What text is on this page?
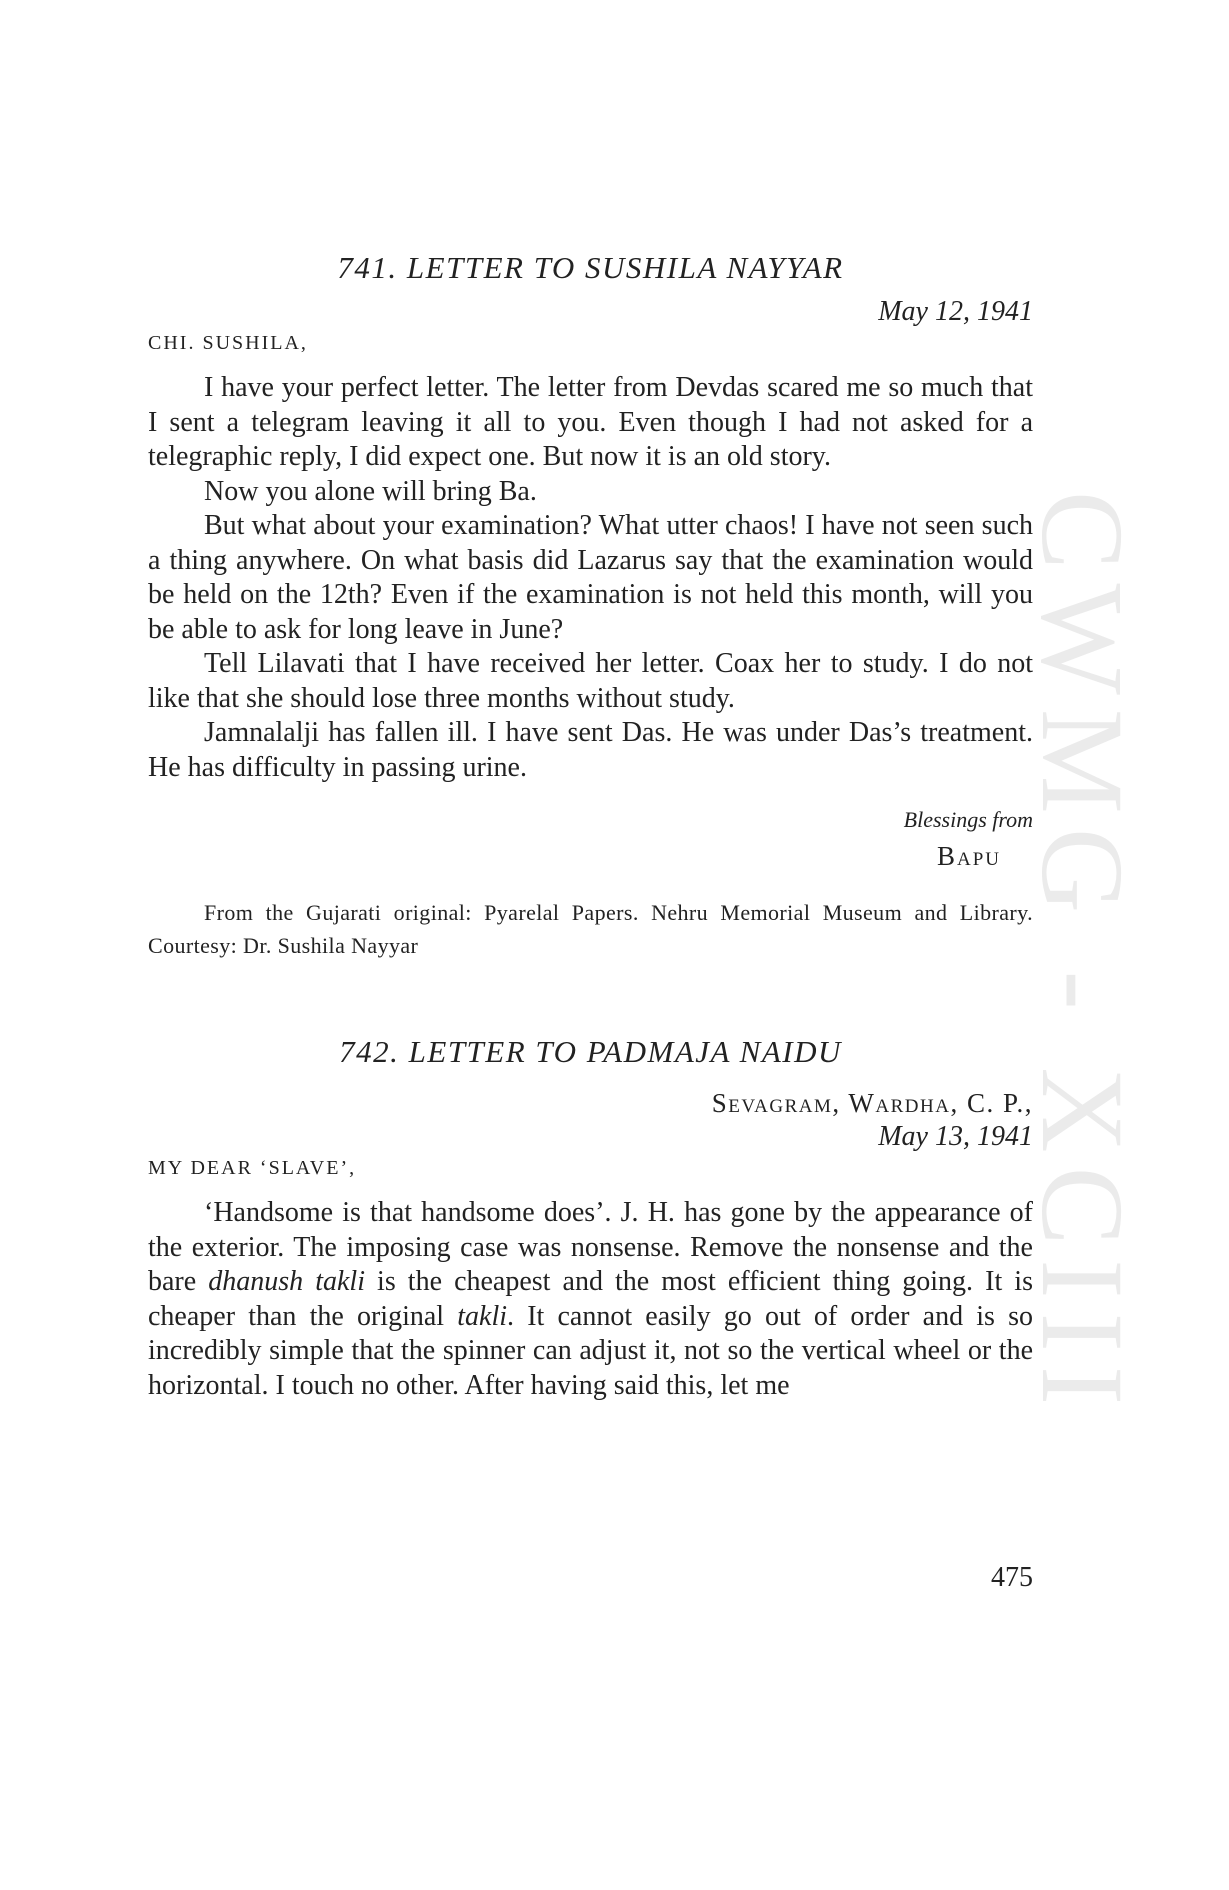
CWMG - XCIII
741. LETTER TO SUSHILA NAYYAR
May 12, 1941
CHI. SUSHILA,

I have your perfect letter. The letter from Devdas scared me so much that I sent a telegram leaving it all to you. Even though I had not asked for a telegraphic reply, I did expect one. But now it is an old story.

Now you alone will bring Ba.

But what about your examination? What utter chaos! I have not seen such a thing anywhere. On what basis did Lazarus say that the examination would be held on the 12th? Even if the examination is not held this month, will you be able to ask for long leave in June?

Tell Lilavati that I have received her letter. Coax her to study. I do not like that she should lose three months without study.

Jamnalalji has fallen ill. I have sent Das. He was under Das’s treatment. He has difficulty in passing urine.

Blessings from
Bapu
From the Gujarati original: Pyarelal Papers. Nehru Memorial Museum and Library. Courtesy: Dr. Sushila Nayyar
742. LETTER TO PADMAJA NAIDU
Sevagram, Wardha, C. P.,
May 13, 1941
MY DEAR ‘SLAVE’,

‘Handsome is that handsome does’. J. H. has gone by the appearance of the exterior. The imposing case was nonsense. Remove the nonsense and the bare dhanush takli is the cheapest and the most efficient thing going. It is cheaper than the original takli. It cannot easily go out of order and is so incredibly simple that the spinner can adjust it, not so the vertical wheel or the horizontal. I touch no other. After having said this, let me

475
